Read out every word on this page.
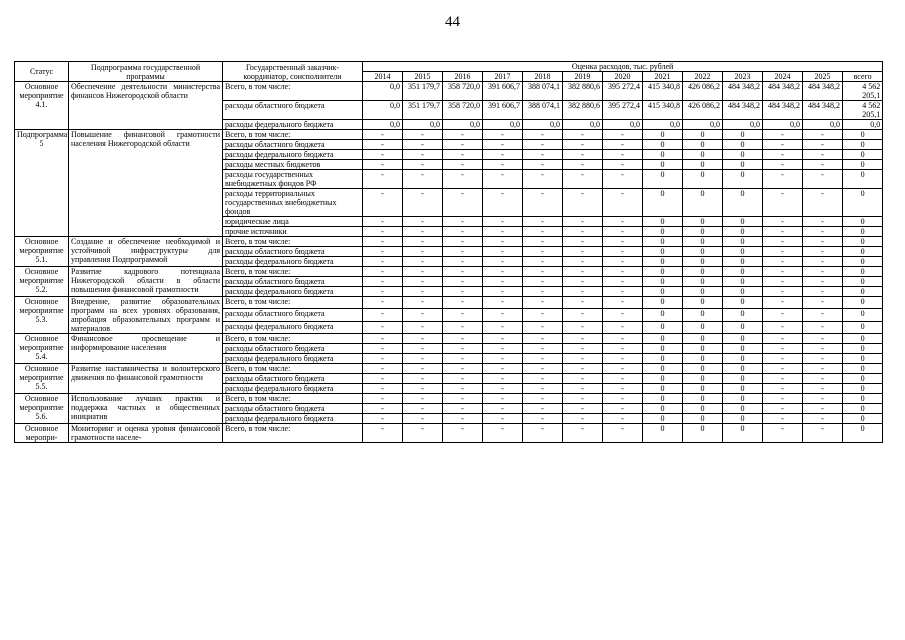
44
Статус	Подпрограмма государственной программы	Государственный заказчик-координатор, соисполнители	Оценка расходов, тыс. рублей												
			2014	2015	2016	2017	2018	2019	2020	2021	2022	2023	2024	2025	всего
Основное мероприятие 4.1.	Обеспечение деятельности министерства финансов Нижегородской области	Всего, в том числе:	0,0	351 179,7	358 720,0	391 606,7	388 074,1	382 880,6	395 272,4	415 340,8	426 086,2	484 348,2	484 348,2	484 348,2	4 562 205,1
		расходы областного бюджета	0,0	351 179,7	358 720,0	391 606,7	388 074,1	382 880,6	395 272,4	415 340,8	426 086,2	484 348,2	484 348,2	484 348,2	4 562 205,1
		расходы федерального бюджета	0,0	0,0	0,0	0,0	0,0	0,0	0,0	0,0	0,0	0,0	0,0	0,0	0,0
Подпрограмма 5	Повышение финансовой грамотности населения Нижегородской области	Всего, в том числе:	-	-	-	-	-	-	-	0	0	0	-	-	0
		расходы областного бюджета	-	-	-	-	-	-	-	0	0	0	-	-	0
		расходы федерального бюджета	-	-	-	-	-	-	-	0	0	0	-	-	0
		расходы местных бюджетов	-	-	-	-	-	-	-	0	0	0	-	-	0
		расходы государственных внебюджетных фондов РФ	-	-	-	-	-	-	-	0	0	0	-	-	0
		расходы территориальных государственных внебюджетных фондов	-	-	-	-	-	-	-	0	0	0	-	-	0
		юридические лица	-	-	-	-	-	-	-	0	0	0	-	-	0
		прочие источники	-	-	-	-	-	-	-	0	0	0	-	-	0
Основное мероприятие 5.1.	Создание и обеспечение необходимой и устойчивой инфраструктуры для управления Подпрограммой	Всего, в том числе:	-	-	-	-	-	-	-	0	0	0	-	-	0
		расходы областного бюджета	-	-	-	-	-	-	-	0	0	0	-	-	0
		расходы федерального бюджета	-	-	-	-	-	-	-	0	0	0	-	-	0
Основное мероприятие 5.2.	Развитие кадрового потенциала Нижегородской области в области повышения финансовой грамотности	Всего, в том числе:	-	-	-	-	-	-	-	0	0	0	-	-	0
		расходы областного бюджета	-	-	-	-	-	-	-	0	0	0	-	-	0
		расходы федерального бюджета	-	-	-	-	-	-	-	0	0	0	-	-	0
Основное мероприятие 5.3.	Внедрение, развитие образовательных программ на всех уровнях образования, апробация образовательных программ и материалов	Всего, в том числе:	-	-	-	-	-	-	-	0	0	0	-	-	0
		расходы областного бюджета	-	-	-	-	-	-	-	0	0	0	-	-	0
		расходы федерального бюджета	-	-	-	-	-	-	-	0	0	0	-	-	0
Основное мероприятие 5.4.	Финансовое просвещение и информирование населения	Всего, в том числе:	-	-	-	-	-	-	-	0	0	0	-	-	0
		расходы областного бюджета	-	-	-	-	-	-	-	0	0	0	-	-	0
		расходы федерального бюджета	-	-	-	-	-	-	-	0	0	0	-	-	0
Основное мероприятие 5.5.	Развитие наставничества и волонтерского движения по финансовой грамотности	Всего, в том числе:	-	-	-	-	-	-	-	0	0	0	-	-	0
		расходы областного бюджета	-	-	-	-	-	-	-	0	0	0	-	-	0
		расходы федерального бюджета	-	-	-	-	-	-	-	0	0	0	-	-	0
Основное мероприятие 5.6.	Использование лучших практик и поддержка частных и общественных инициатив	Всего, в том числе:	-	-	-	-	-	-	-	0	0	0	-	-	0
		расходы областного бюджета	-	-	-	-	-	-	-	0	0	0	-	-	0
		расходы федерального бюджета	-	-	-	-	-	-	-	0	0	0	-	-	0
Основное меропри-	Мониторинг и оценка уровня финансовой грамотности населе-	Всего, в том числе:	-	-	-	-	-	-	-	0	0	0	-	-	0
